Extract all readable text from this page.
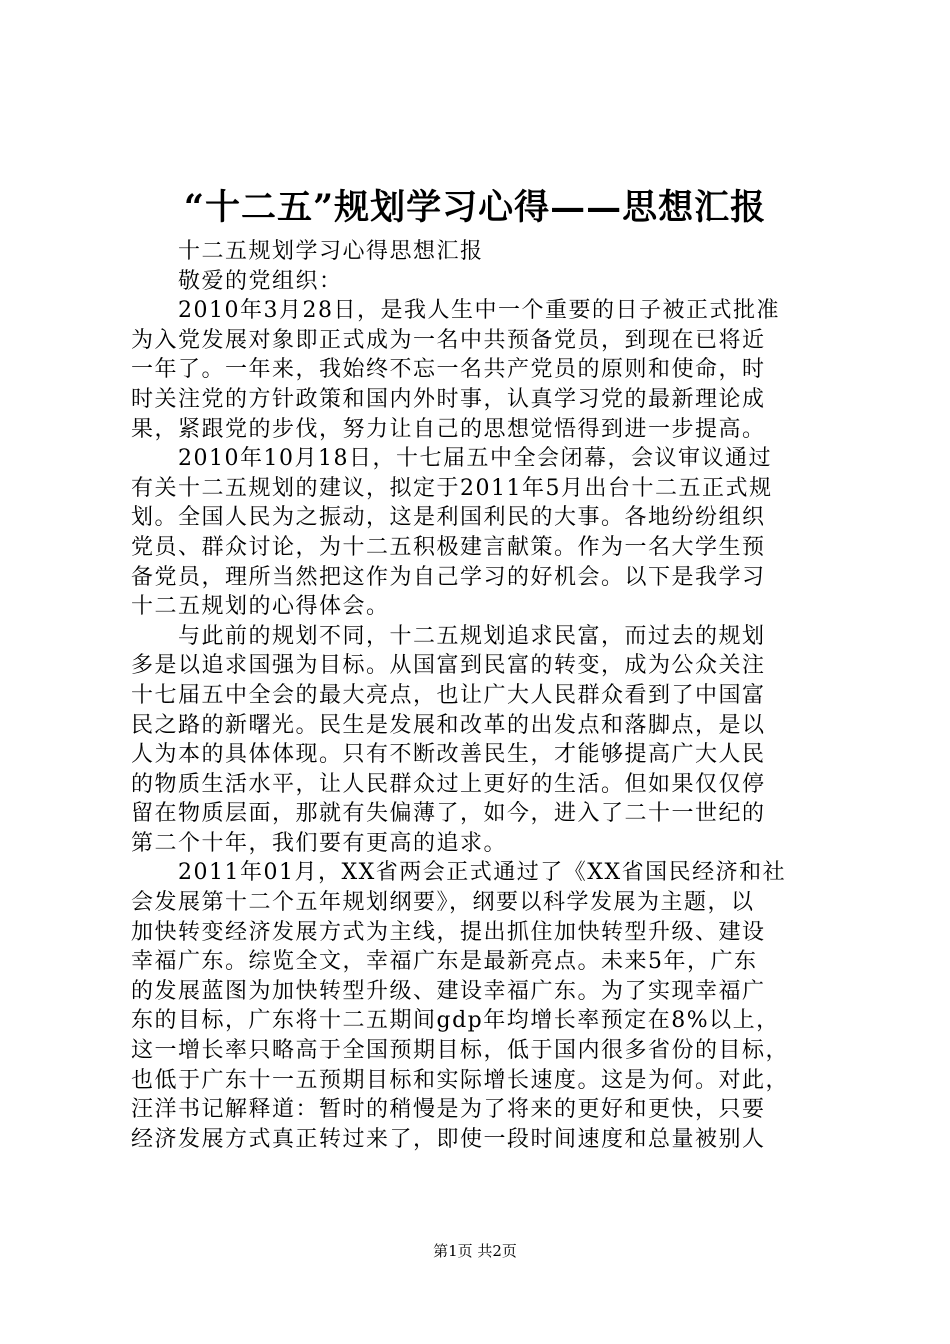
“十二五”规划学习心得——思想汇报
　　十二五规划学习心得思想汇报
　　敬爱的党组织：
　　2010年3月28日，是我人生中一个重要的日子被正式批准
为入党发展对象即正式成为一名中共预备党员，到现在已将近
一年了。一年来，我始终不忘一名共产党员的原则和使命，时
时关注党的方针政策和国内外时事，认真学习党的最新理论成
果，紧跟党的步伐，努力让自己的思想觉悟得到进一步提高。
　　2010年10月18日，十七届五中全会闭幕，会议审议通过
有关十二五规划的建议，拟定于2011年5月出台十二五正式规
划。全国人民为之振动，这是利国利民的大事。各地纷纷组织
党员、群众讨论，为十二五积极建言献策。作为一名大学生预
备党员，理所当然把这作为自己学习的好机会。以下是我学习
十二五规划的心得体会。
　　与此前的规划不同，十二五规划追求民富，而过去的规划
多是以追求国强为目标。从国富到民富的转变，成为公众关注
十七届五中全会的最大亮点，也让广大人民群众看到了中国富
民之路的新曙光。民生是发展和改革的出发点和落脚点，是以
人为本的具体体现。只有不断改善民生，才能够提高广大人民
的物质生活水平，让人民群众过上更好的生活。但如果仅仅停
留在物质层面，那就有失偏薄了，如今，进入了二十一世纪的
第二个十年，我们要有更高的追求。
　　2011年01月，XX省两会正式通过了《XX省国民经济和社
会发展第十二个五年规划纲要》，纲要以科学发展为主题，以
加快转变经济发展方式为主线，提出抓住加快转型升级、建设
幸福广东。综览全文，幸福广东是最新亮点。未来5年，广东
的发展蓝图为加快转型升级、建设幸福广东。为了实现幸福广
东的目标，广东将十二五期间gdp年均增长率预定在8%以上，
这一增长率只略高于全国预期目标，低于国内很多省份的目标，
也低于广东十一五预期目标和实际增长速度。这是为何。对此，
汪洋书记解释道：暂时的稍慢是为了将来的更好和更快，只要
经济发展方式真正转过来了，即使一段时间速度和总量被别人
第1页 共2页
